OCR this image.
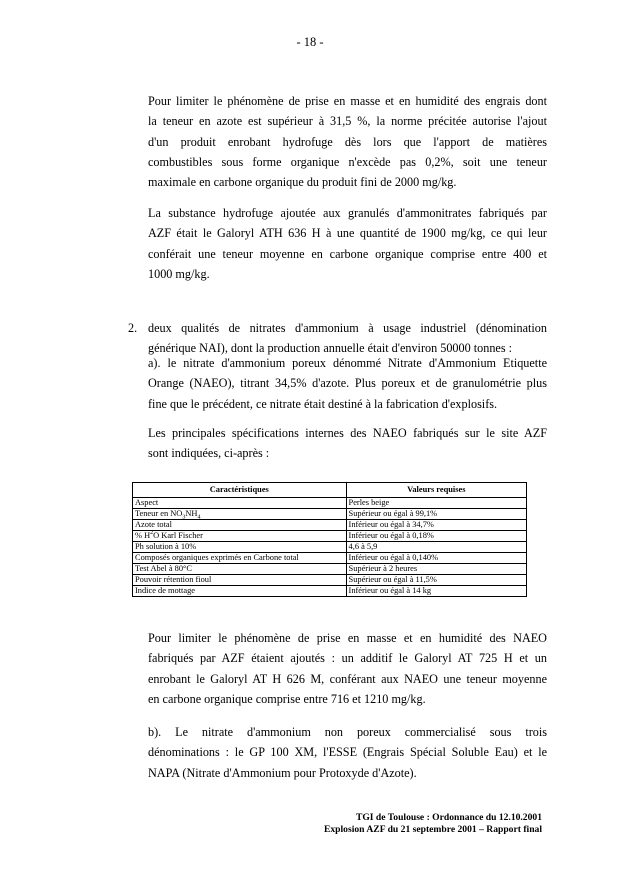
- 18 -

Pour limiter le phénomène de prise en masse et en humidité des engrais dont
la teneur en azote est supérieur à 31,5 %, la norme précitée autorise l'ajout
d'un produit enrobant hydrofuge dès lors que l'apport de matières
combustibles sous forme organique n'excède pas 0,2%, soit une teneur
maximale en carbone organique du produit fini de 2000 mg/kg.

La substance hydrofuge ajoutée aux granulés d'ammonitrates fabriqués par
AZF était le Galoryl ATH 636 H à une quantité de 1900 mg/kg, ce qui leur
conférait une teneur moyenne en carbone organique comprise entre 400 et
1000 mg/kg.

2. deux qualités de nitrates d'ammonium à usage industriel (dénomination
générique NAI), dont la production annuelle était d'environ 50000 tonnes :

a). le nitrate d'ammonium poreux dénommé Nitrate d'Ammonium Etiquette
Orange (NAEO), titrant 34,5% d'azote. Plus poreux et de granulométrie plus
fine que le précédent, ce nitrate était destiné à la fabrication d'explosifs.

Les principales spécifications internes des NAEO fabriqués sur le site AZF
sont indiquées, ci-après :

Caractéristiques	Valeurs requises
Aspect	Perles beige
Teneur en $NO_3NH_4$	Supérieur ou égal à 99,1%
Azote total	Inférieur ou égal à 34,7%
% $H^2O$ Karl Fischer	Inférieur ou égal à 0,18%
Ph solution à 10%	4,6 à 5,9
Composés organiques exprimés en Carbone total	Inférieur ou égal à 0,140%
Test Abel à 80°C	Supérieur à 2 heures
Pouvoir rétention fioul	Supérieur ou égal à 11,5%
Indice de mottage	Inférieur ou égal à 14 kg

Pour limiter le phénomène de prise en masse et en humidité des NAEO
fabriqués par AZF étaient ajoutés : un additif le Galoryl AT 725 H et un
enrobant le Galoryl AT H 626 M, conférant aux NAEO une teneur moyenne
en carbone organique comprise entre 716 et 1210 mg/kg.

b). Le nitrate d'ammonium non poreux commercialisé sous trois
dénominations : le GP 100 XM, l'ESSE (Engrais Spécial Soluble Eau) et le
NAPA (Nitrate d'Ammonium pour Protoxyde d'Azote).

TGI de Toulouse : Ordonnance du 12.10.2001
Explosion AZF du 21 septembre 2001 – Rapport final
